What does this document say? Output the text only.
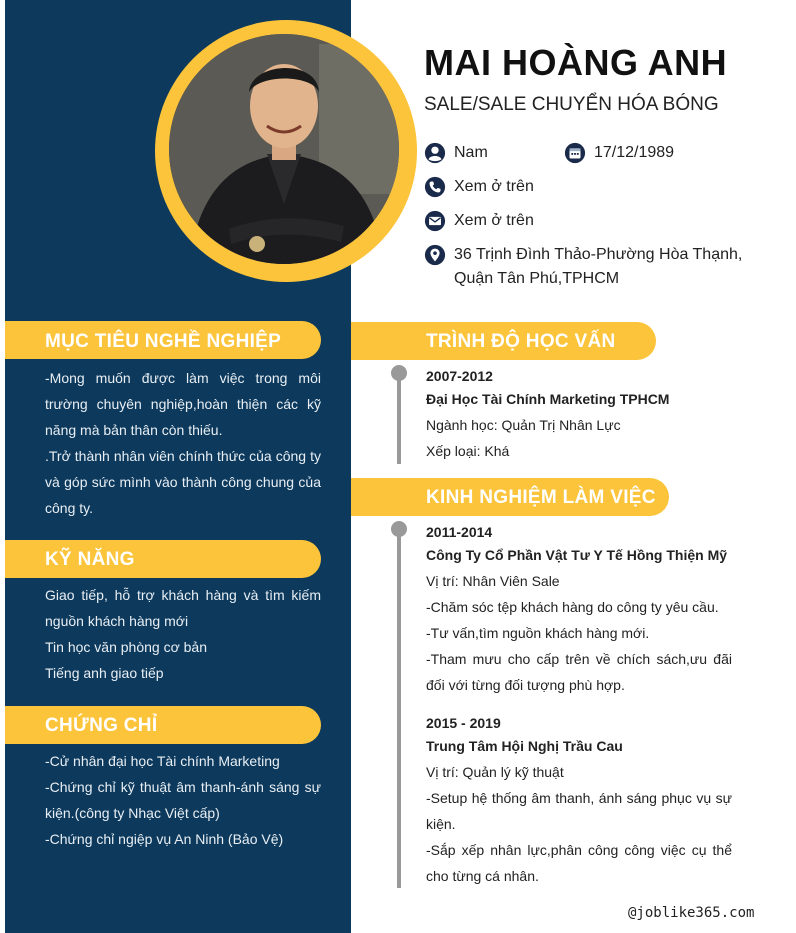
MAI HOÀNG ANH
SALE/SALE CHUYỂN HÓA BÓNG
Nam	17/12/1989
Xem ở trên
Xem ở trên
36 Trịnh Đình Thảo-Phường Hòa Thạnh, Quận Tân Phú,TPHCM
MỤC TIÊU NGHỀ NGHIỆP

-Mong muốn được làm việc trong môi trường chuyên nghiệp,hoàn thiện các kỹ năng mà bản thân còn thiếu.

.Trở thành nhân viên chính thức của công ty và góp sức mình vào thành công chung của công ty.

KỸ NĂNG

Giao tiếp, hỗ trợ khách hàng và tìm kiếm nguồn khách hàng mới

Tin học văn phòng cơ bản

Tiếng anh giao tiếp

CHỨNG CHỈ

-Cử nhân đại học Tài chính Marketing

-Chứng chỉ kỹ thuật âm thanh-ánh sáng sự kiện.(công ty Nhạc Việt cấp)

-Chứng chỉ ngiệp vụ An Ninh (Bảo Vệ)

TRÌNH ĐỘ HỌC VẤN
2007-2012
Đại Học Tài Chính Marketing TPHCM

Ngành học: Quản Trị Nhân Lực

Xếp loại: Khá

KINH NGHIỆM LÀM VIỆC
2011-2014
Công Ty Cổ Phần Vật Tư Y Tế Hồng Thiện Mỹ

Vị trí: Nhân Viên Sale

-Chăm sóc tệp khách hàng do công ty yêu cầu.

-Tư vấn,tìm nguồn khách hàng mới.

-Tham mưu cho cấp trên về chích sách,ưu đãi đối với từng đối tượng phù hợp.

2015 - 2019
Trung Tâm Hội Nghị Trầu Cau

Vị trí: Quản lý kỹ thuật

-Setup hệ thống âm thanh, ánh sáng phục vụ sự kiện.

-Sắp xếp nhân lực,phân công công việc cụ thể cho từng cá nhân.

@joblike365.com
